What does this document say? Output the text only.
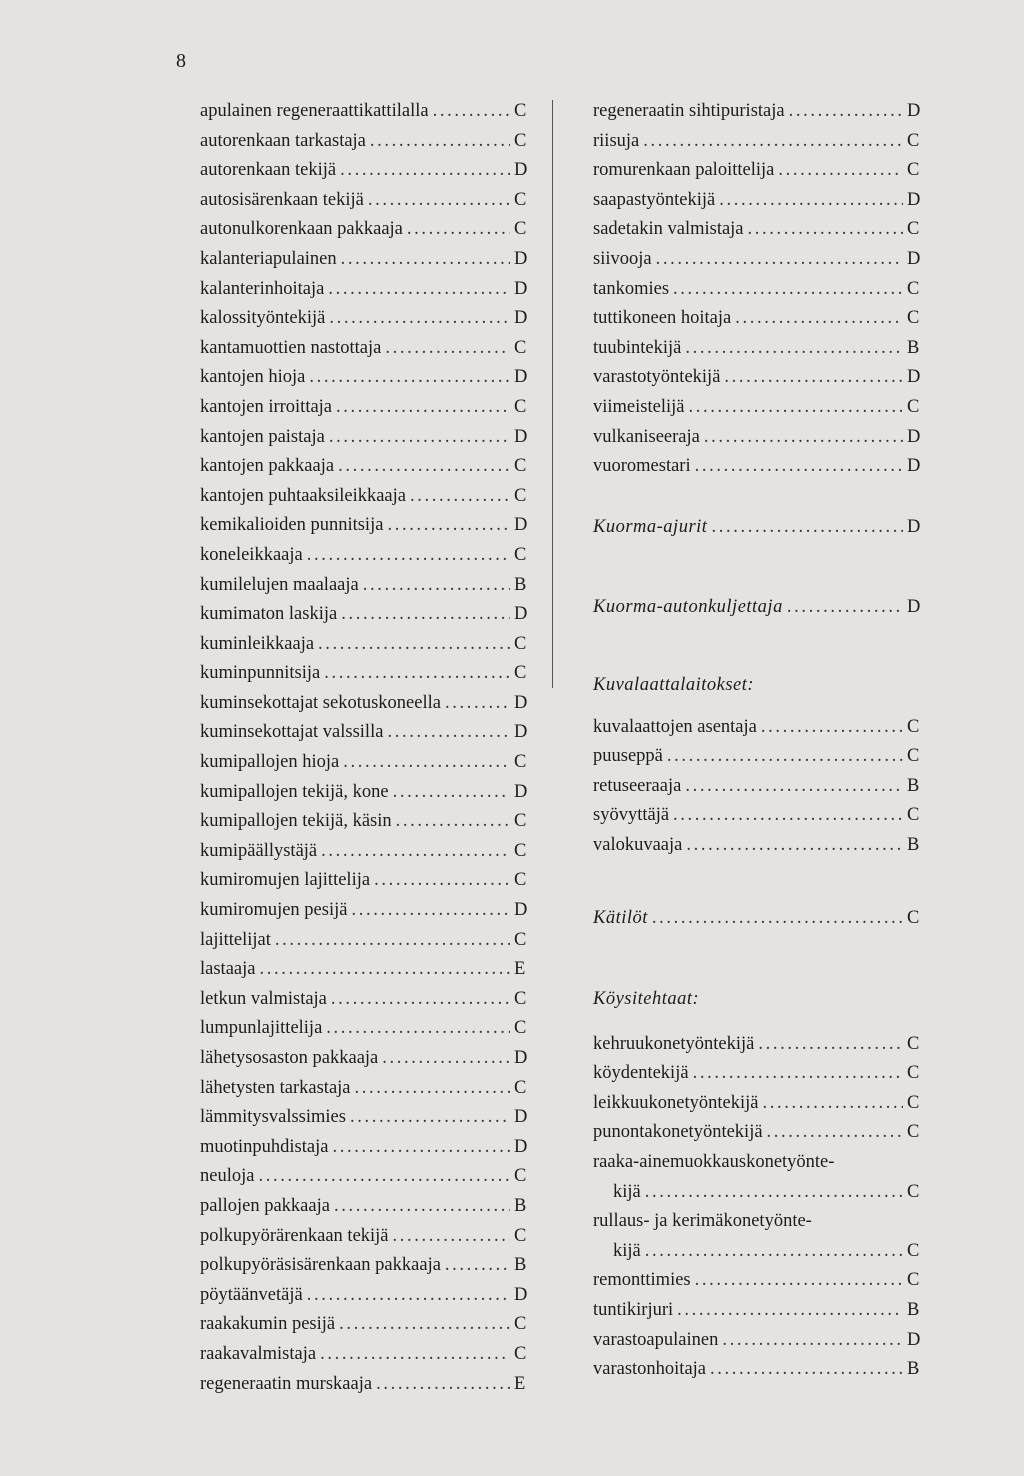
8
apulainen regeneraattikattilalla . . .	C
autorenkaan tarkastaja . . .	C
autorenkaan tekijä . . .	D
autosisärenkaan tekijä . . .	C
autonulkorenkaan pakkaaja . . .	C
kalanteriapulainen . . .	D
kalanterinhoitaja . . .	D
kalossityöntekijä . . .	D
kantamuottien nastottaja . . .	C
kantojen hioja . . .	D
kantojen irroittaja . . .	C
kantojen paistaja . . .	D
kantojen pakkaaja . . .	C
kantojen puhtaaksileikkaaja . . .	C
kemikalioiden punnitsija . . .	D
koneleikkaaja . . .	C
kumilelujen maalaaja . . .	B
kumimaton laskija . . .	D
kuminleikkaaja . . .	C
kuminpunnitsija . . .	C
kuminsekottajat sekotuskoneella . . .	D
kuminsekottajat valssilla . . .	D
kumipallojen hioja . . .	C
kumipallojen tekijä, kone . . .	D
kumipallojen tekijä, käsin . . .	C
kumipäällystäjä . . .	C
kumiromujen lajittelija . . .	C
kumiromujen pesijä . . .	D
lajittelijat . . .	C
lastaaja . . .	E
letkun valmistaja . . .	C
lumpunlajittelija . . .	C
lähetysosaston pakkaaja . . .	D
lähetysten tarkastaja . . .	C
lämmitysvalssimies . . .	D
muotinpuhdistaja . . .	D
neuloja . . .	C
pallojen pakkaaja . . .	B
polkupyörärenkaan tekijä . . .	C
polkupyöräsisärenkaan pakkaaja . . .	B
pöytäänvetäjä . . .	D
raakakumin pesijä . . .	C
raakavalmistaja . . .	C
regeneraatin murskaaja . . .	E
regeneraatin sihtipuristaja . . .	D
riisuja . . .	C
romurenkaan paloittelija . . .	C
saapastyöntekijä . . .	D
sadetakin valmistaja . . .	C
siivooja . . .	D
tankomies . . .	C
tuttikoneen hoitaja . . .	C
tuubintekijä . . .	B
varastotyöntekijä . . .	D
viimeistelijä . . .	C
vulkaniseeraja . . .	D
vuoromestari . . .	D
Kuorma-ajurit . . .	D
Kuorma-autonkuljettaja . . .	D
Kuvalaattalaitokset:
kuvalaattojen asentaja . . .	C
puuseppä . . .	C
retuseeraaja . . .	B
syövyttäjä . . .	C
valokuvaaja . . .	B
Kätilöt . . .	C
Köysitehtaat:
kehruukonetyöntekijä . . .	C
köydentekijä . . .	C
leikkuukonetyöntekijä . . .	C
punontakonetyöntekijä . . .	C
raaka-ainemuokkauskonetyönte-
kijä . . .	C
rullaus- ja kerimäkonetyönte-
kijä . . .	C
remonttimies . . .	C
tuntikirjuri . . .	B
varastoapulainen . . .	D
varastonhoitaja . . .	B
